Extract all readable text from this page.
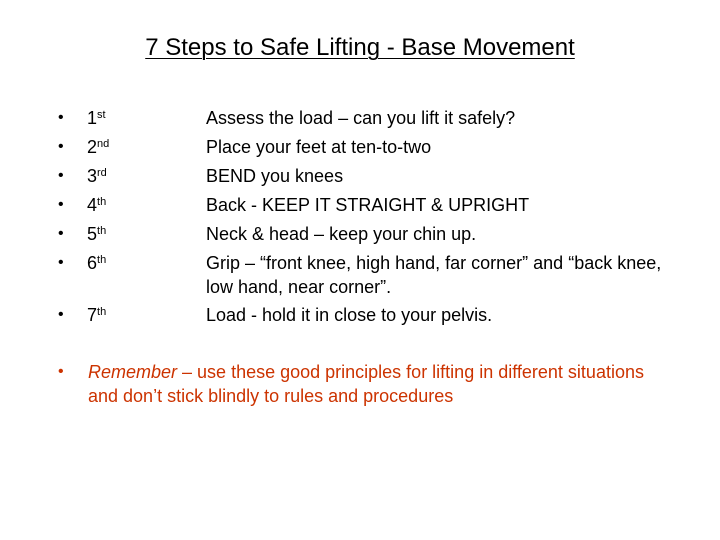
7 Steps to Safe Lifting - Base Movement
• 1st	Assess the load – can you lift it safely?
• 2nd	Place your feet at ten-to-two
• 3rd	BEND you knees
• 4th	Back - KEEP IT STRAIGHT & UPRIGHT
• 5th	Neck & head – keep your chin up.
• 6th	Grip – “front knee, high hand, far corner” and “back knee, low hand, near corner”.
• 7th	Load - hold it in close to your pelvis.
• Remember – use these good principles for lifting in different situations and don’t stick blindly to rules and procedures
